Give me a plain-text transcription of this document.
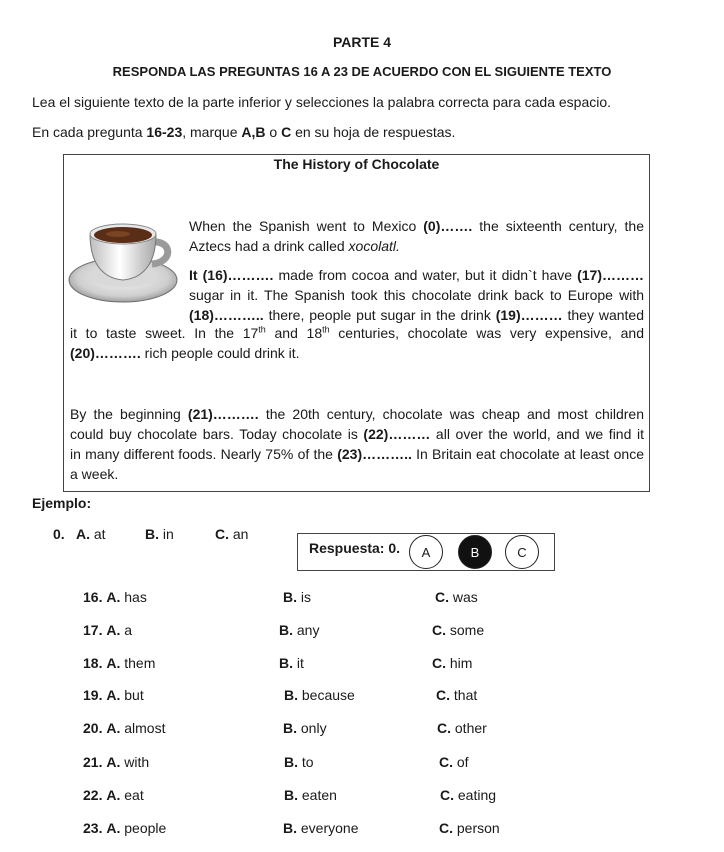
PARTE 4
RESPONDA LAS PREGUNTAS 16 A 23 DE ACUERDO CON EL SIGUIENTE TEXTO
Lea el siguiente texto de la parte inferior y selecciones la palabra correcta para cada espacio.
En cada pregunta 16-23, marque A,B o C en su hoja de respuestas.
The History of Chocolate
When the Spanish went to Mexico (0)……. the sixteenth century, the
Aztecs had a drink called xocolatl.
It (16)………. made from cocoa and water, but it didn`t have (17)………
sugar in it. The Spanish took this chocolate drink back to Europe with
(18)……….. there, people put sugar in the drink (19)……… they wanted
it to taste sweet. In the 17th and 18th centuries, chocolate was very expensive, and
(20)………. rich people could drink it.
By the beginning (21)………. the 20th century, chocolate was cheap and most children
could buy chocolate bars. Today chocolate is (22)……… all over the world, and we find it
in many different foods. Nearly 75% of the (23)……….. In Britain eat chocolate at least once
a week.
Ejemplo:
0. A. at	B. in	C. an
Respuesta: 0.	A	B	C
16. A. has	B. is	C. was
17. A. a	B. any	C. some
18. A. them	B. it	C. him
19. A. but	B. because	C. that
20. A. almost	B. only	C. other
21. A. with	B. to	C. of
22. A. eat	B. eaten	C. eating
23. A. people	B. everyone	C. person
